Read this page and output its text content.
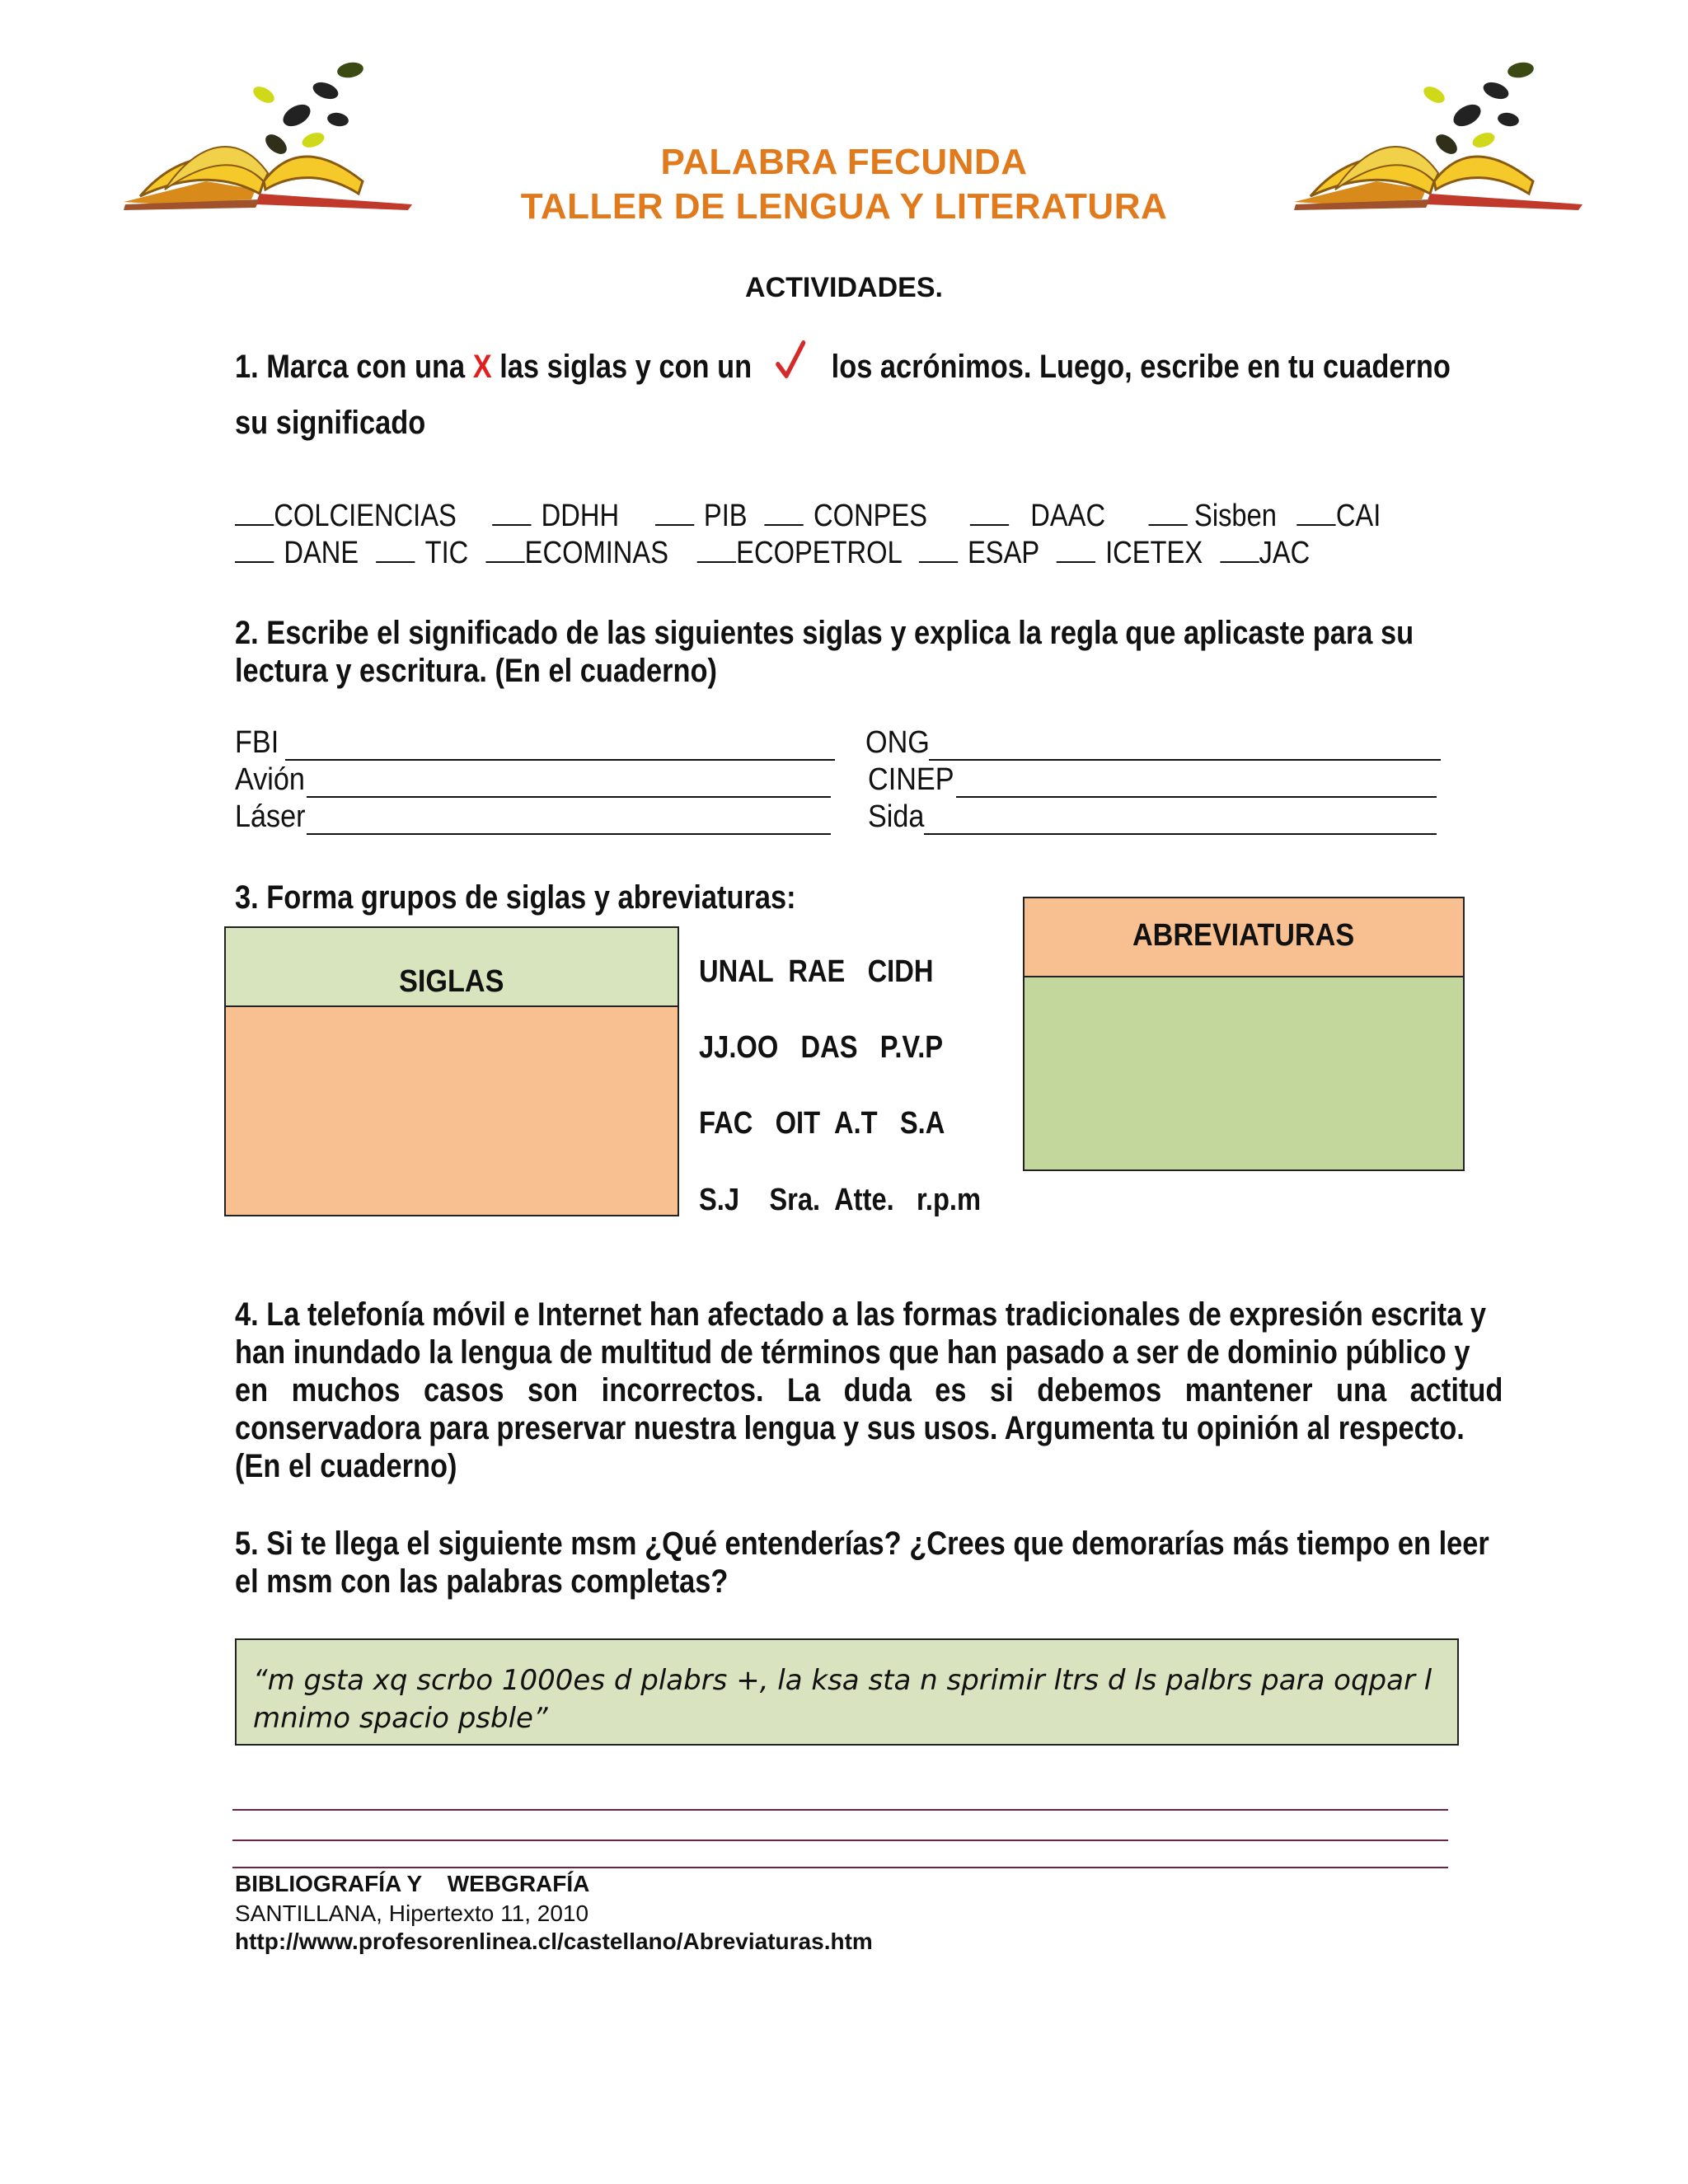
PALABRA FECUNDA
TALLER DE LENGUA Y LITERATURA
ACTIVIDADES.
1. Marca con una X las siglas y con un los acrónimos. Luego, escribe en tu cuaderno
su significado
COLCIENCIAS	DDHH	PIB CONPES	DAAC	Sisben CAI
DANE TIC ECOMINAS ECOPETROL ESAP ICETEX JAC
2. Escribe el significado de las siguientes siglas y explica la regla que aplicaste para su
lectura y escritura. (En el cuaderno)
FBI
Avión
Láser
ONG
CINEP
Sida
3. Forma grupos de siglas y abreviaturas:
SIGLAS
ABREVIATURAS
UNAL  RAE   CIDH
JJ.OO   DAS   P.V.P
FAC   OIT  A.T   S.A
S.J    Sra.  Atte.   r.p.m
4. La telefonía móvil e Internet han afectado a las formas tradicionales de expresión escrita y
han inundado la lengua de multitud de términos que han pasado a ser de dominio público y
en muchos casos son incorrectos. La duda es si debemos mantener una actitud
conservadora para preservar nuestra lengua y sus usos. Argumenta tu opinión al respecto.
(En el cuaderno)
5. Si te llega el siguiente msm ¿Qué entenderías? ¿Crees que demorarías más tiempo en leer
el msm con las palabras completas?
“m gsta xq scrbo 1000es d plabrs +, la ksa sta n sprimir ltrs d ls palbrs para oqpar l
mnimo spacio psble”
BIBLIOGRAFÍA Y    WEBGRAFÍA
SANTILLANA, Hipertexto 11, 2010
http://www.profesorenlinea.cl/castellano/Abreviaturas.htm
